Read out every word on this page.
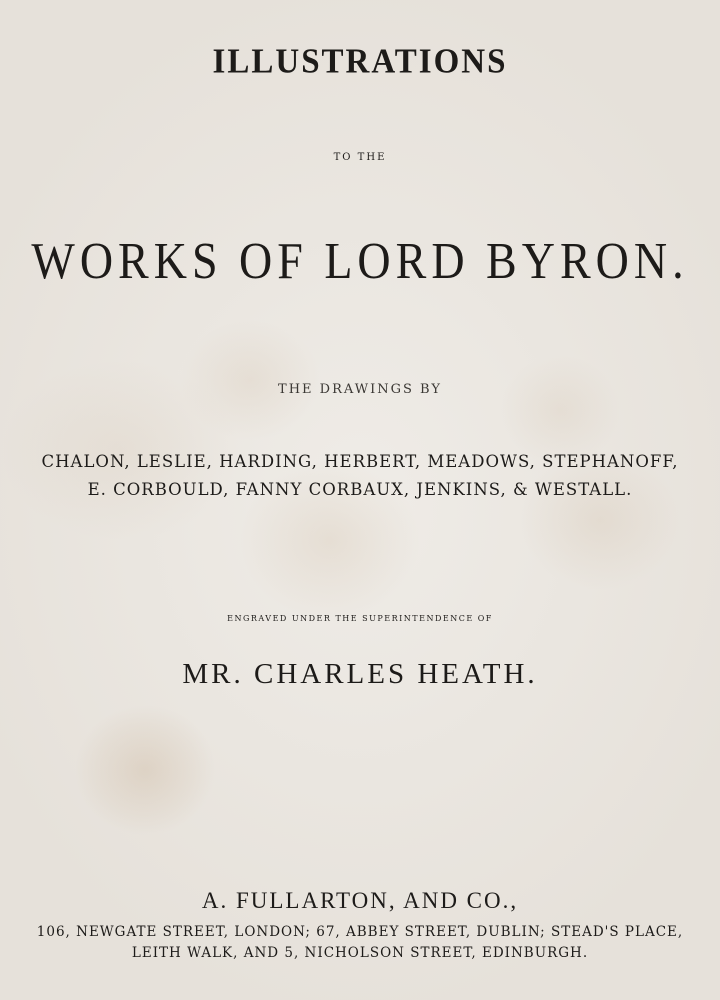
ILLUSTRATIONS
TO THE
WORKS OF LORD BYRON.
THE DRAWINGS BY
CHALON, LESLIE, HARDING, HERBERT, MEADOWS, STEPHANOFF,
E. CORBOULD, FANNY CORBAUX, JENKINS, & WESTALL.
ENGRAVED UNDER THE SUPERINTENDENCE OF
MR. CHARLES HEATH.
A. FULLARTON, AND CO.,
106, NEWGATE STREET, LONDON; 67, ABBEY STREET, DUBLIN; STEAD'S PLACE,
LEITH WALK, AND 5, NICHOLSON STREET, EDINBURGH.
